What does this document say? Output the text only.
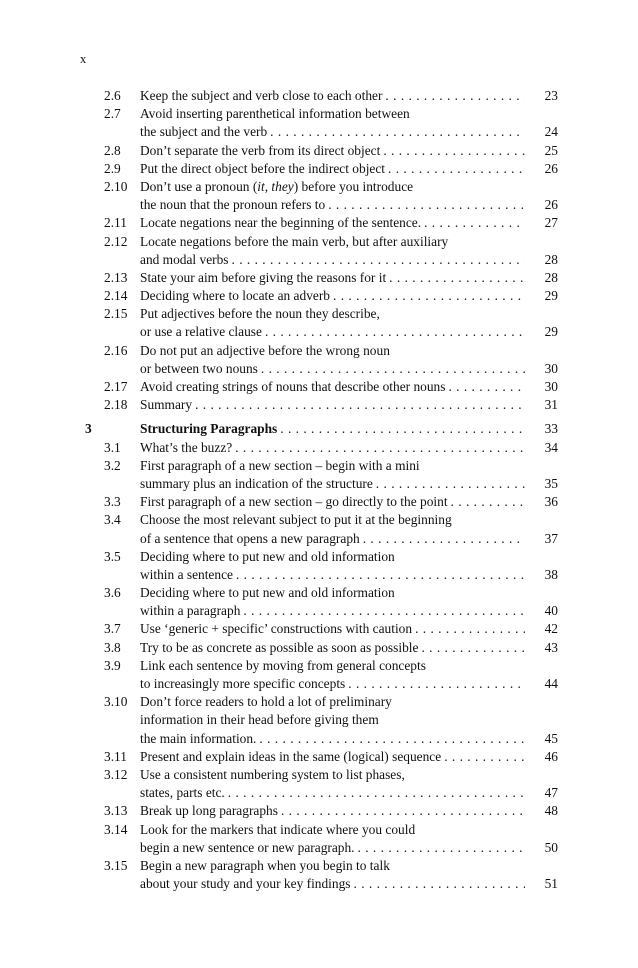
x
2.6 Keep the subject and verb close to each other . . .	23
2.7 Avoid inserting parenthetical information between
the subject and the verb . . .	24
2.8 Don’t separate the verb from its direct object . . .	25
2.9 Put the direct object before the indirect object . . .	26
2.10 Don’t use a pronoun (it, they) before you introduce
the noun that the pronoun refers to . . .	26
2.11 Locate negations near the beginning of the sentence. . . .	27
2.12 Locate negations before the main verb, but after auxiliary
and modal verbs . . .	28
2.13 State your aim before giving the reasons for it . . .	28
2.14 Deciding where to locate an adverb . . .	29
2.15 Put adjectives before the noun they describe,
or use a relative clause . . .	29
2.16 Do not put an adjective before the wrong noun
or between two nouns . . .	30
2.17 Avoid creating strings of nouns that describe other nouns . . .	30
2.18 Summary . . .	31
3	Structuring Paragraphs . . .	33
3.1 What’s the buzz? . . .	34
3.2 First paragraph of a new section – begin with a mini
summary plus an indication of the structure . . .	35
3.3 First paragraph of a new section – go directly to the point . . .	36
3.4 Choose the most relevant subject to put it at the beginning
of a sentence that opens a new paragraph . . .	37
3.5 Deciding where to put new and old information
within a sentence . . .	38
3.6 Deciding where to put new and old information
within a paragraph . . .	40
3.7 Use ‘generic + specific’ constructions with caution . . .	42
3.8 Try to be as concrete as possible as soon as possible . . .	43
3.9 Link each sentence by moving from general concepts
to increasingly more specific concepts . . .	44
3.10 Don’t force readers to hold a lot of preliminary
information in their head before giving them
the main information. . . .	45
3.11 Present and explain ideas in the same (logical) sequence . . .	46
3.12 Use a consistent numbering system to list phases,
states, parts etc. . . .	47
3.13 Break up long paragraphs . . .	48
3.14 Look for the markers that indicate where you could
begin a new sentence or new paragraph. . . .	50
3.15 Begin a new paragraph when you begin to talk
about your study and your key findings . . .	51
